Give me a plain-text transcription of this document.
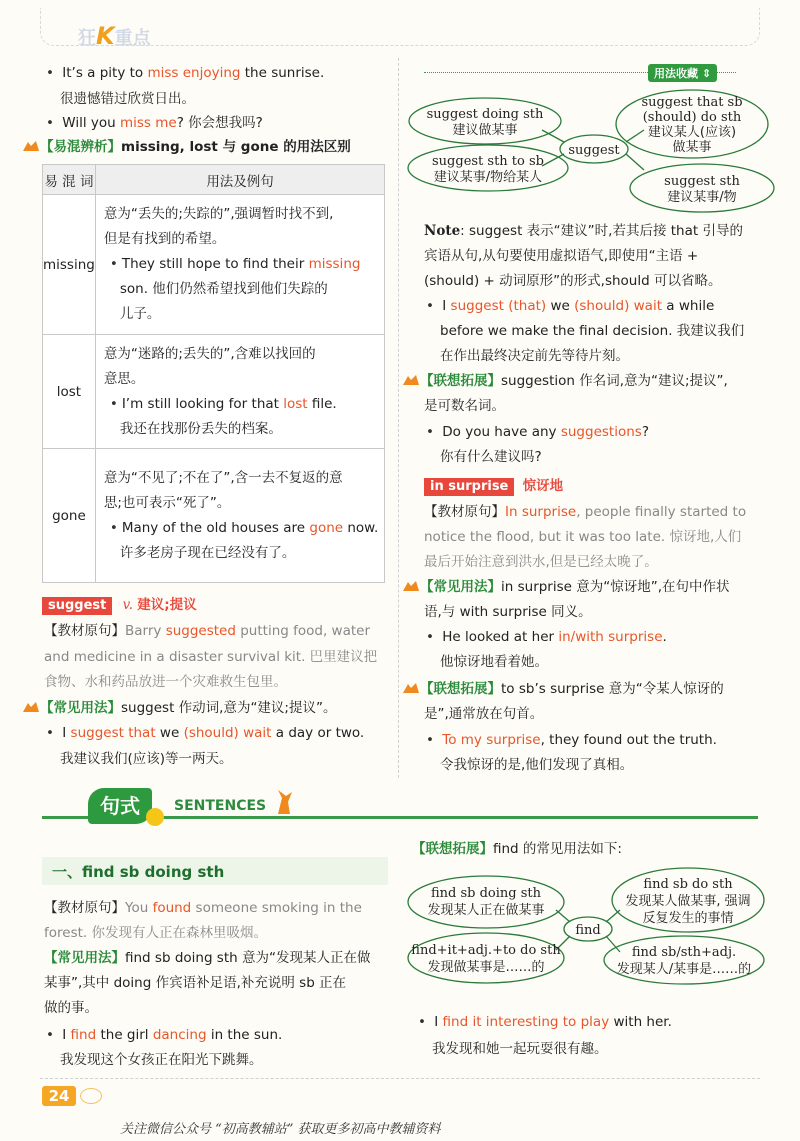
狂K重点
• It’s a pity to miss enjoying the sunrise.
很遗憾错过欣赏日出。
• Will you miss me? 你会想我吗?
【易混辨析】missing, lost 与 gone 的用法区别
易 混 词	用法及例句
missing	意为“丢失的;失踪的”,强调暂时找不到,
但是有找到的希望。
• They still hope to find their missing
son. 他们仍然希望找到他们失踪的
儿子。

lost	意为“迷路的;丢失的”,含难以找回的
意思。
• I’m still looking for that lost file.
我还在找那份丢失的档案。

gone	意为“不见了;不在了”,含一去不复返的意
思;也可表示“死了”。
• Many of the old houses are gone now.
许多老房子现在已经没有了。
suggest v. 建议;提议
【教材原句】Barry suggested putting food, water
and medicine in a disaster survival kit. 巴里建议把
食物、水和药品放进一个灾难救生包里。
【常见用法】suggest 作动词,意为“建议;提议”。
• I suggest that we (should) wait a day or two.
我建议我们(应该)等一两天。
用法收藏 ⇕
suggest doing sth
建议做某事
suggest sth to sb
建议某事/物给某人
suggest
suggest that sb
(should) do sth
建议某人(应该)
做某事
suggest sth
建议某事/物
Note: suggest 表示“建议”时,若其后接 that 引导的
宾语从句,从句要使用虚拟语气,即使用“主语 +
(should) + 动词原形”的形式,should 可以省略。
• I suggest (that) we (should) wait a while
before we make the final decision. 我建议我们
在作出最终决定前先等待片刻。
【联想拓展】suggestion 作名词,意为“建议;提议”,
是可数名词。
• Do you have any suggestions?
你有什么建议吗?
in surprise 惊讶地
【教材原句】In surprise, people finally started to
notice the flood, but it was too late. 惊讶地,人们
最后开始注意到洪水,但是已经太晚了。
【常见用法】in surprise 意为“惊讶地”,在句中作状
语,与 with surprise 同义。
• He looked at her in/with surprise.
他惊讶地看着她。
【联想拓展】to sb’s surprise 意为“令某人惊讶的
是”,通常放在句首。
• To my surprise, they found out the truth.
令我惊讶的是,他们发现了真相。
句式	SENTENCES
一、find sb doing sth
【教材原句】You found someone smoking in the
forest. 你发现有人正在森林里吸烟。
【常见用法】find sb doing sth 意为“发现某人正在做
某事”,其中 doing 作宾语补足语,补充说明 sb 正在
做的事。
• I find the girl dancing in the sun.
我发现这个女孩正在阳光下跳舞。
【联想拓展】find 的常见用法如下:
find sb doing sth
发现某人正在做某事
find+it+adj.+to do sth
发现做某事是……的
find
find sb do sth
发现某人做某事, 强调
反复发生的事情
find sb/sth+adj.
发现某人/某事是……的
• I find it interesting to play with her.
我发现和她一起玩耍很有趣。
24
关注微信公众号 “初高教辅站” 获取更多初高中教辅资料
